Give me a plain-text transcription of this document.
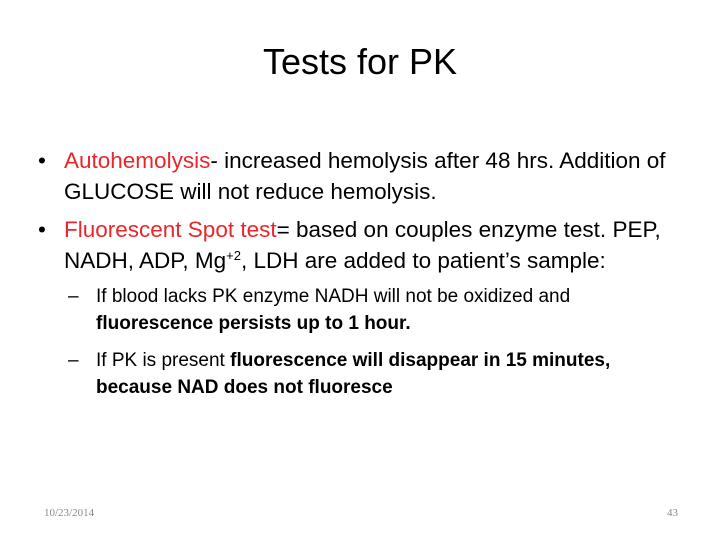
Tests for PK
• Autohemolysis- increased hemolysis after 48 hrs. Addition of GLUCOSE will not reduce hemolysis.
• Fluorescent Spot test= based on couples enzyme test. PEP, NADH, ADP, $Mg^{+2}$, LDH are added to patient’s sample:
– If blood lacks PK enzyme NADH will not be oxidized and fluorescence persists up to 1 hour.
– If PK is present fluorescence will disappear in 15 minutes, because NAD does not fluoresce
10/23/2014	43
